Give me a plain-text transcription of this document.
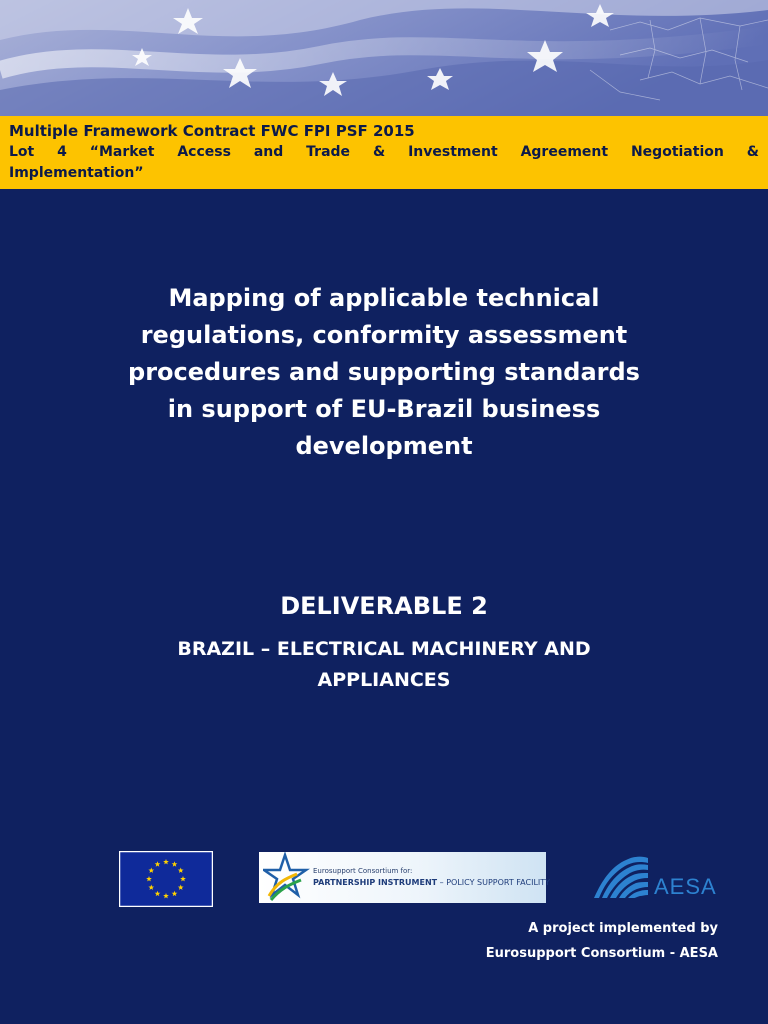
Multiple Framework Contract FWC FPI PSF 2015
Lot 4 “Market Access and Trade & Investment Agreement Negotiation &
Implementation”
Mapping of applicable technical regulations, conformity assessment procedures and supporting standards in support of EU-Brazil business development
DELIVERABLE 2
BRAZIL – ELECTRICAL MACHINERY AND APPLIANCES
Eurosupport Consortium for:
PARTNERSHIP INSTRUMENT – POLICY SUPPORT FACILITY	AESA
A project implemented by
Eurosupport Consortium - AESA
